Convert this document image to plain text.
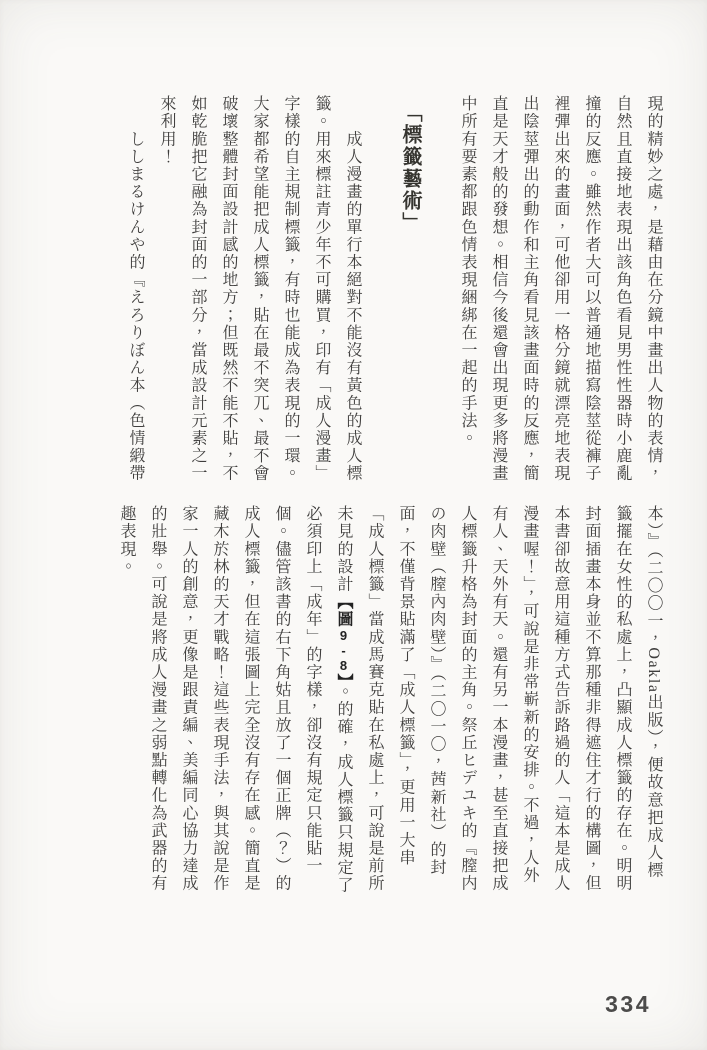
現的精妙之處，是藉由在分鏡中畫出人物的表情，
自然且直接地表現出該角色看見男性性器時小鹿亂
撞的反應。雖然作者大可以普通地描寫陰莖從褲子
裡彈出來的畫面，可他卻用一格分鏡就漂亮地表現
出陰莖彈出的動作和主角看見該畫面時的反應，簡
直是天才般的發想。相信今後還會出現更多將漫畫
中所有要素都跟色情表現綑綁在一起的手法。
「標籤藝術」
　　成人漫畫的單行本絕對不能沒有黃色的成人標
籤。用來標註青少年不可購買，印有「成人漫畫」
字樣的自主規制標籤，有時也能成為表現的一環。
大家都希望能把成人標籤，貼在最不突兀、最不會
破壞整體封面設計感的地方；但既然不能不貼，不
如乾脆把它融為封面的一部分，當成設計元素之一
來利用！
　　ししまるけんや的『えろりぼん本（色情緞帶
本）』（二〇〇一，Oakla出版），便故意把成人標
籤擺在女性的私處上，凸顯成人標籤的存在。明明
封面插畫本身並不算那種非得遮住才行的構圖，但
本書卻故意用這種方式告訴路過的人「這本是成人
漫畫喔！」，可說是非常嶄新的安排。不過，人外
有人、天外有天。還有另一本漫畫，甚至直接把成
人標籤升格為封面的主角。祭丘ヒデユキ的『膣内
の肉壁（膣內肉壁）』（二〇一〇，茜新社）的封
面，不僅背景貼滿了「成人標籤」，更用一大串
「成人標籤」當成馬賽克貼在私處上，可說是前所
未見的設計【圖9-8】。的確，成人標籤只規定了
必須印上「成年」的字樣，卻沒有規定只能貼一
個。儘管該書的右下角姑且放了一個正牌（？）的
成人標籤，但在這張圖上完全沒有存在感。簡直是
藏木於林的天才戰略！這些表現手法，與其說是作
家一人的創意，更像是跟責編、美編同心協力達成
的壯舉。可說是將成人漫畫之弱點轉化為武器的有
趣表現。
334
